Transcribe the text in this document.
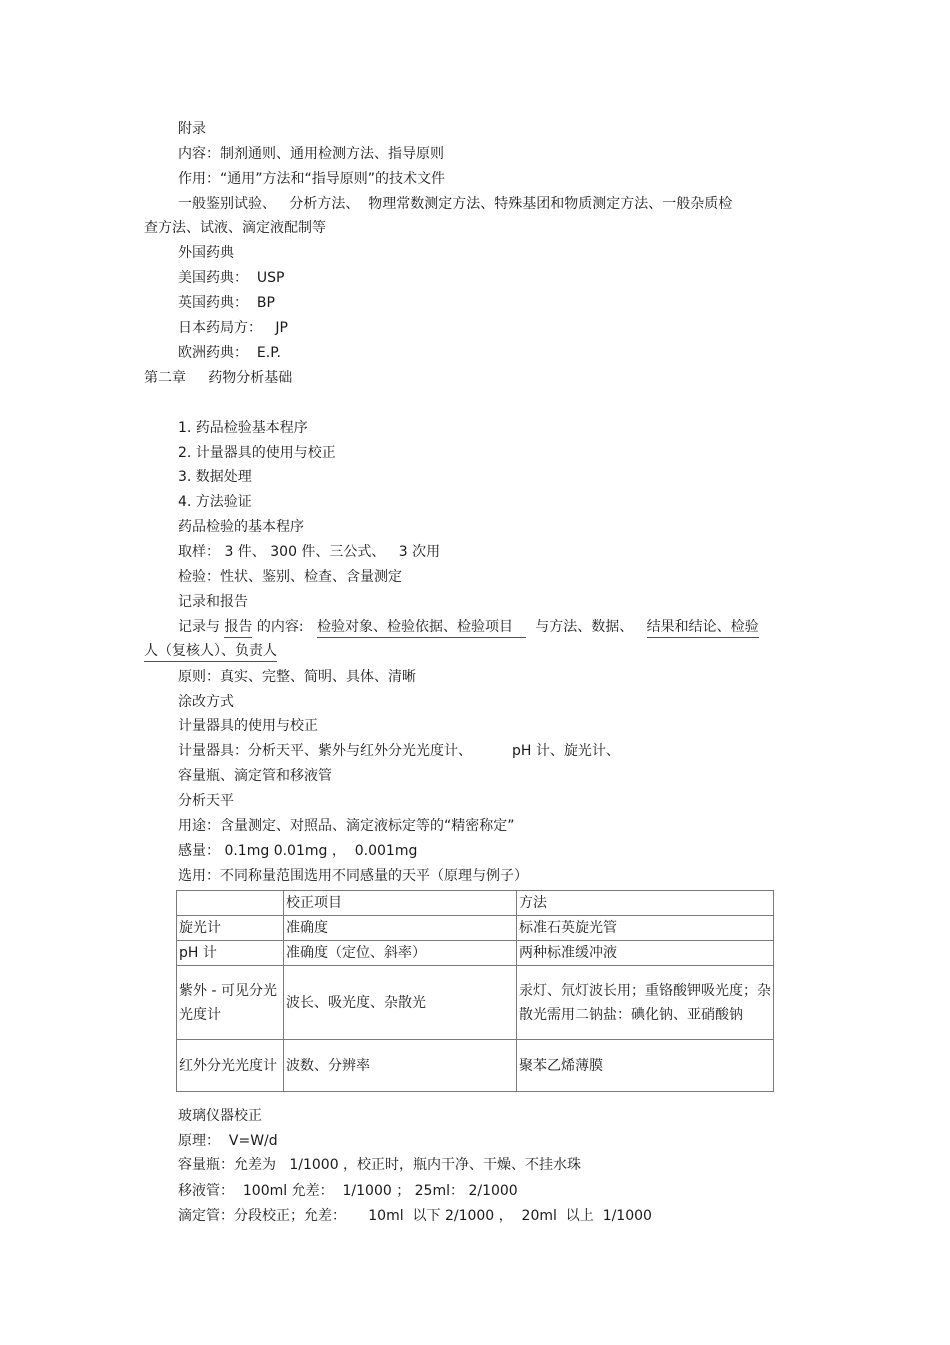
附录
内容：制剂通则、通用检测方法、指导原则
作用：“通用”方法和“指导原则”的技术文件
一般鉴别试验、   分析方法、  物理常数测定方法、特殊基团和物质测定方法、一般杂质检
查方法、试液、滴定液配制等
外国药典
美国药典：  USP
英国药典：  BP
日本药局方：   JP
欧洲药典：  E.P.
第二章     药物分析基础
1. 药品检验基本程序
2. 计量器具的使用与校正
3. 数据处理
4. 方法验证
药品检验的基本程序
取样： 3 件、 300 件、三公式、   3 次用
检验：性状、鉴别、检查、含量测定
记录和报告
原则：真实、完整、简明、具体、清晰
涂改方式
计量器具的使用与校正
计量器具：分析天平、紫外与红外分光光度计、         pH 计、旋光计、
容量瓶、滴定管和移液管
分析天平
用途：含量测定、对照品、滴定液标定等的“精密称定”
感量： 0.1mg 0.01mg ，  0.001mg
选用：不同称量范围选用不同感量的天平（原理与例子）
玻璃仪器校正
原理：  V=W/d
容量瓶：允差为   1/1000 ，校正时，瓶内干净、干燥、不挂水珠
移液管：  100ml 允差：  1/1000 ； 25ml： 2/1000
滴定管：分段校正；允差：     10ml  以下 2/1000 ，  20ml  以上  1/1000
记录与 报告 的内容:   检验对象、检验依据、检验项目     与方法、数据、   结果和结论、检验
人（复核人）、负责人
	校正项目	方法
旋光计	准确度	标准石英旋光管
pH 计	准确度（定位、斜率）	两种标准缓冲液
紫外 - 可见分光光度计	波长、吸光度、杂散光	汞灯、氘灯波长用；重铬酸钾吸光度；杂散光需用二钠盐：碘化钠、亚硝酸钠
红外分光光度计	波数、分辨率	聚苯乙烯薄膜
